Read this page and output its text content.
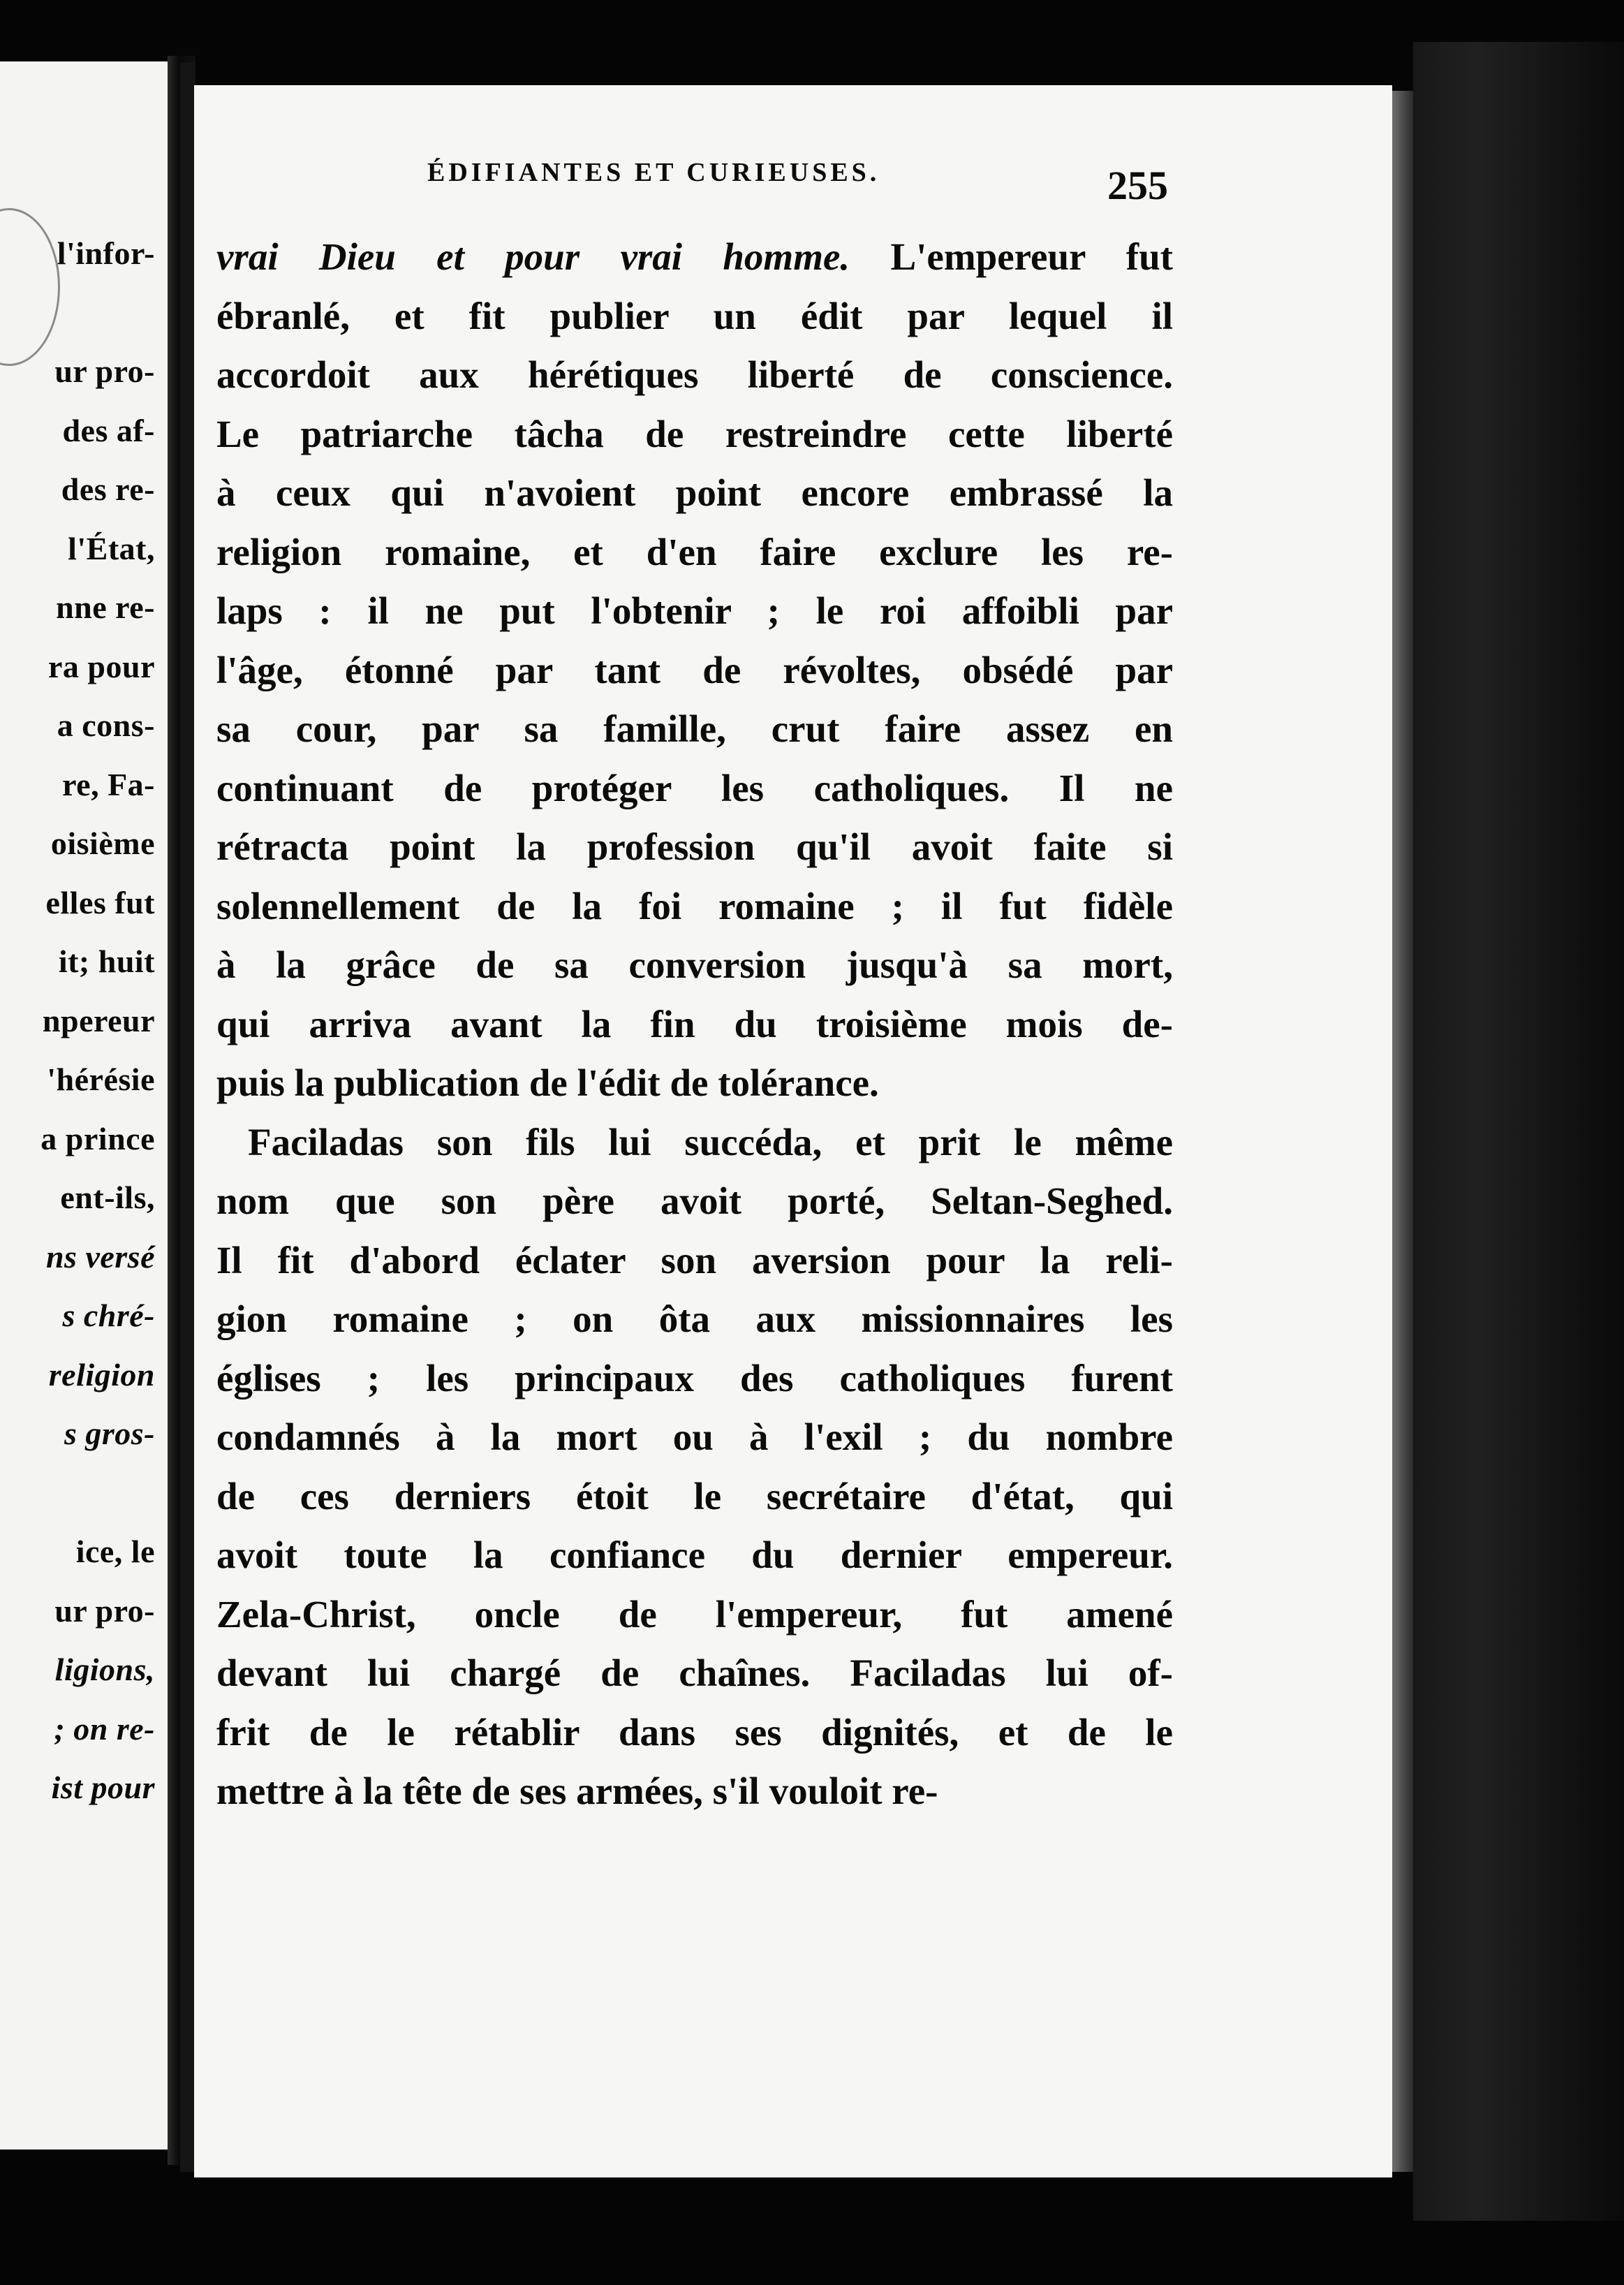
l'infor-

ur pro-

des af-

des re-

l'État,

nne re-

ra pour

a cons-

re, Fa-

oisième

elles fut

it; huit

npereur

'hérésie

a prince

ent-ils,

ns versé

s chré-

religion

s gros-

ice, le

ur pro-

ligions,

; on re-

ist pour

ÉDIFIANTES ET CURIEUSES.	255

vrai Dieu et pour vrai homme. L'empereur fut

ébranlé, et fit publier un édit par lequel il

accordoit aux hérétiques liberté de conscience.

Le patriarche tâcha de restreindre cette liberté

à ceux qui n'avoient point encore embrassé la

religion romaine, et d'en faire exclure les re-

laps : il ne put l'obtenir ; le roi affoibli par

l'âge, étonné par tant de révoltes, obsédé par

sa cour, par sa famille, crut faire assez en

continuant de protéger les catholiques. Il ne

rétracta point la profession qu'il avoit faite si

solennellement de la foi romaine ; il fut fidèle

à la grâce de sa conversion jusqu'à sa mort,

qui arriva avant la fin du troisième mois de-

puis la publication de l'édit de tolérance.

Faciladas son fils lui succéda, et prit le même

nom que son père avoit porté, Seltan-Seghed.

Il fit d'abord éclater son aversion pour la reli-

gion romaine ; on ôta aux missionnaires les

églises ; les principaux des catholiques furent

condamnés à la mort ou à l'exil ; du nombre

de ces derniers étoit le secrétaire d'état, qui

avoit toute la confiance du dernier empereur.

Zela-Christ, oncle de l'empereur, fut amené

devant lui chargé de chaînes. Faciladas lui of-

frit de le rétablir dans ses dignités, et de le

mettre à la tête de ses armées, s'il vouloit re-
